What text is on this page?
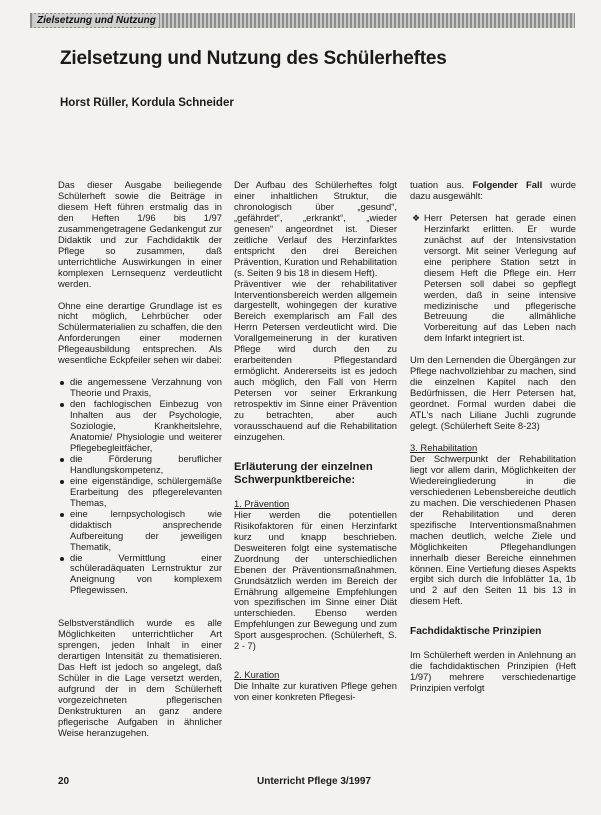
Zielsetzung und Nutzung
Zielsetzung und Nutzung des Schülerheftes
Horst Rüller, Kordula Schneider

Das dieser Ausgabe beiliegende Schülerheft sowie die Beiträge in diesem Heft führen erstmalig das in den Heften 1/96 bis 1/97 zusammengetragene Gedankengut zur Didaktik und zur Fachdidaktik der Pflege so zusammen, daß unterrichtliche Auswirkungen in einer komplexen Lernsequenz verdeutlicht werden.

Ohne eine derartige Grundlage ist es nicht möglich, Lehrbücher oder Schülermaterialien zu schaffen, die den Anforderungen einer modernen Pflegeausbildung entsprechen. Als wesentliche Eckpfeiler sehen wir dabei:

die angemessene Verzahnung von Theorie und Praxis,
den fachlogischen Einbezug von Inhalten aus der Psychologie, Soziologie, Krankheitslehre, Anatomie/ Physiologie und weiterer Pflegebegleitfächer,
die Förderung beruflicher Handlungskompetenz,
eine eigenständige, schülergemäße Erarbeitung des pflegerelevanten Themas,
eine lernpsychologisch wie didaktisch ansprechende Aufbereitung der jeweiligen Thematik,
die Vermittlung einer schüleradäquaten Lernstruktur zur Aneignung von komplexem Pflegewissen.

Selbstverständlich wurde es alle Möglichkeiten unterrichtlicher Art sprengen, jeden Inhalt in einer derartigen Intensität zu thematisieren. Das Heft ist jedoch so angelegt, daß Schüler in die Lage versetzt werden, aufgrund der in dem Schülerheft vorgezeichneten pflegerischen Denkstrukturen an ganz andere pflegerische Aufgaben in ähnlicher Weise heranzugehen.

Der Aufbau des Schülerheftes folgt einer inhaltlichen Struktur, die chronologisch über „gesund“, „gefährdet“, „erkrankt“, „wieder genesen“ angeordnet ist. Dieser zeitliche Verlauf des Herzinfarktes entspricht den drei Bereichen Prävention, Kuration und Rehabilitation (s. Seiten 9 bis 18 in diesem Heft).

Präventiver wie der rehabilitativer Interventionsbereich werden allgemein dargestellt, wohingegen der kurative Bereich exemplarisch am Fall des Herrn Petersen verdeutlicht wird. Die Vorallgemeinerung in der kurativen Pflege wird durch den zu erarbeitenden Pflegestandard ermöglicht. Andererseits ist es jedoch auch möglich, den Fall von Herrn Petersen vor seiner Erkrankung retrospektiv im Sinne einer Prävention zu betrachten, aber auch vorausschauend auf die Rehabilitation einzugehen.

Erläuterung der einzelnen Schwerpunktbereiche:
1. Prävention

Hier werden die potentiellen Risikofaktoren für einen Herzinfarkt kurz und knapp beschrieben. Desweiteren folgt eine systematische Zuordnung der unterschiedlichen Ebenen der Präventionsmaßnahmen. Grundsätzlich werden im Bereich der Ernährung allgemeine Empfehlungen von spezifischen im Sinne einer Diät unterschieden. Ebenso werden Empfehlungen zur Bewegung und zum Sport ausgesprochen. (Schülerheft, S. 2 - 7)

2. Kuration

Die Inhalte zur kurativen Pflege gehen von einer konkreten Pflegesi-

tuation aus. Folgender Fall wurde dazu ausgewählt:

❖ Herr Petersen hat gerade einen Herzinfarkt erlitten. Er wurde zunächst auf der Intensivstation versorgt. Mit seiner Verlegung auf eine periphere Station setzt in diesem Heft die Pflege ein. Herr Petersen soll dabei so gepflegt werden, daß in seine intensive medizinische und pflegerische Betreuung die allmähliche Vorbereitung auf das Leben nach dem Infarkt integriert ist.

Um den Lernenden die Übergängen zur Pflege nachvollziehbar zu machen, sind die einzelnen Kapitel nach den Bedürfnissen, die Herr Petersen hat, geordnet. Formal wurden dabei die ATL's nach Liliane Juchli zugrunde gelegt. (Schülerheft Seite 8-23)

3. Rehabilitation

Der Schwerpunkt der Rehabilitation liegt vor allem darin, Möglichkeiten der Wiedereingliederung in die verschiedenen Lebensbereiche deutlich zu machen. Die verschiedenen Phasen der Rehabilitation und deren spezifische Interventionsmaßnahmen machen deutlich, welche Ziele und Möglichkeiten Pflegehandlungen innerhalb dieser Bereiche einnehmen können. Eine Vertiefung dieses Aspekts ergibt sich durch die Infoblätter 1a, 1b und 2 auf den Seiten 11 bis 13 in diesem Heft.

Fachdidaktische Prinzipien

Im Schülerheft werden in Anlehnung an die fachdidaktischen Prinzipien (Heft 1/97) mehrere verschiedenartige Prinzipien verfolgt

20	Unterricht Pflege 3/1997
